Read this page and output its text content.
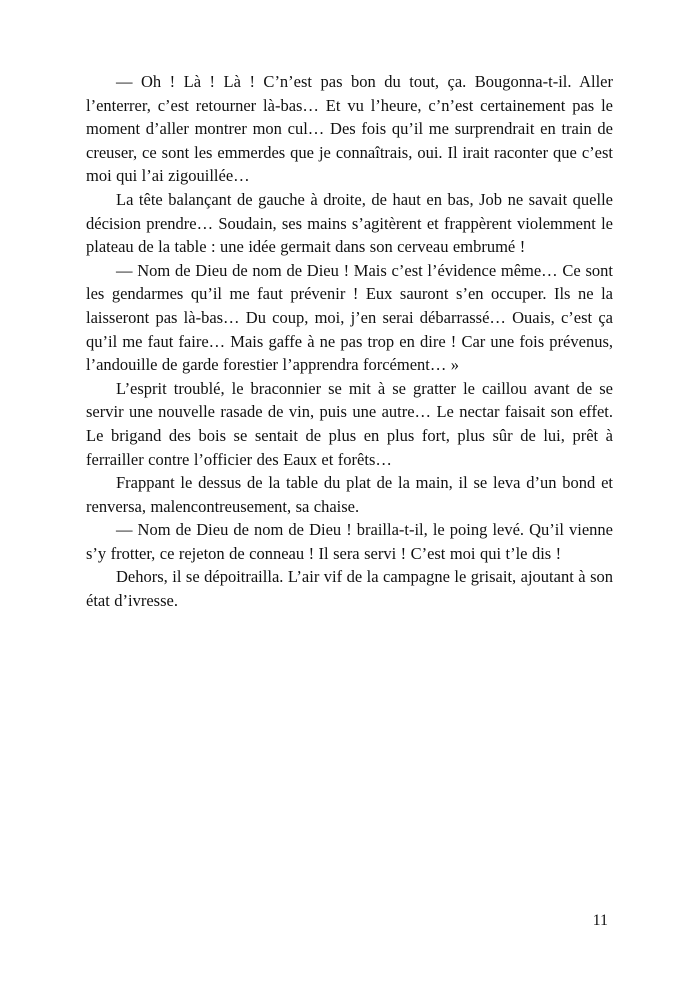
— Oh ! Là ! Là ! C’n’est pas bon du tout, ça. Bougonna-t-il. Aller l’enterrer, c’est retourner là-bas… Et vu l’heure, c’n’est certainement pas le moment d’aller montrer mon cul… Des fois qu’il me surprendrait en train de creuser, ce sont les emmerdes que je connaîtrais, oui. Il irait raconter que c’est moi qui l’ai zigouillée…

La tête balançant de gauche à droite, de haut en bas, Job ne savait quelle décision prendre… Soudain, ses mains s’agitèrent et frappèrent violemment le plateau de la table : une idée germait dans son cerveau embrumé !

— Nom de Dieu de nom de Dieu ! Mais c’est l’évidence même… Ce sont les gendarmes qu’il me faut prévenir ! Eux sauront s’en occuper. Ils ne la laisseront pas là-bas… Du coup, moi, j’en serai débarrassé… Ouais, c’est ça qu’il me faut faire… Mais gaffe à ne pas trop en dire ! Car une fois prévenus, l’andouille de garde forestier l’apprendra forcément… »

L’esprit troublé, le braconnier se mit à se gratter le caillou avant de se servir une nouvelle rasade de vin, puis une autre… Le nectar faisait son effet. Le brigand des bois se sentait de plus en plus fort, plus sûr de lui, prêt à ferrailler contre l’officier des Eaux et forêts…

Frappant le dessus de la table du plat de la main, il se leva d’un bond et renversa, malencontreusement, sa chaise.

— Nom de Dieu de nom de Dieu ! brailla-t-il, le poing levé. Qu’il vienne s’y frotter, ce rejeton de conneau ! Il sera servi ! C’est moi qui t’le dis !

Dehors, il se dépoitrailla. L’air vif de la campagne le grisait, ajoutant à son état d’ivresse.

11
